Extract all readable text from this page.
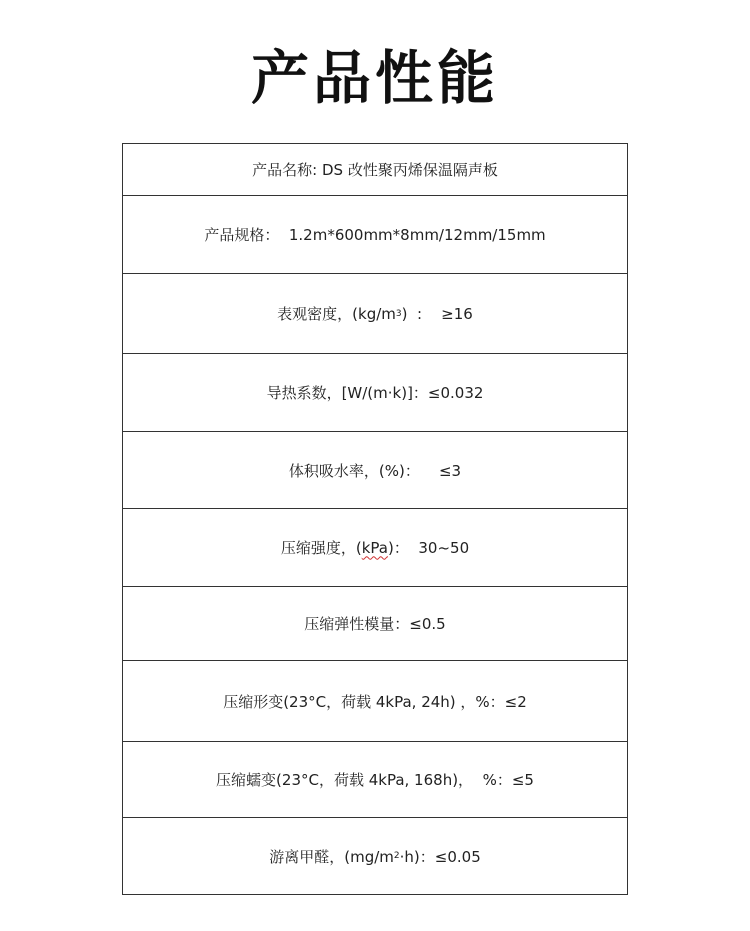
产品性能
产品名称: DS 改性聚丙烯保温隔声板
产品规格：  1.2m*600mm*8mm/12mm/15mm
表观密度，(kg/m 3 )  :    ≥16
导热系数，[W/(m·k)]：≤0.032
体积吸水率，(%)：    ≤3
压缩强度，( kPa )：  30~50
压缩弹性模量：≤0.5
压缩形变(23°C，荷载 4kPa, 24h) ，%：≤2
压缩蠕变(23°C，荷载 4kPa, 168h)，  %：≤5
游离甲醛，(mg/m 2 ·h)：≤0.05
